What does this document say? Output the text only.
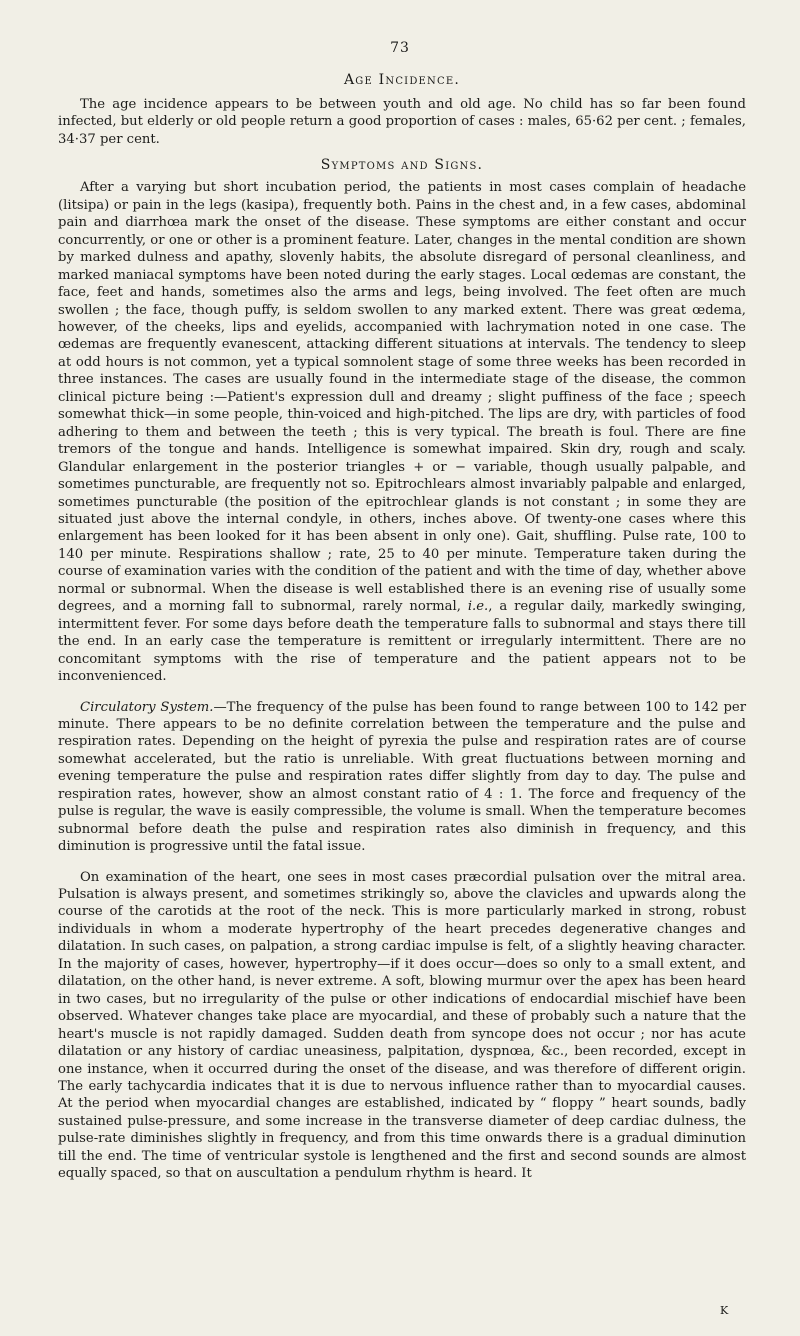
73
Age Incidence.

The age incidence appears to be between youth and old age. No child has so far been found infected, but elderly or old people return a good proportion of cases : males, 65·62 per cent. ; females, 34·37 per cent.

Symptoms and Signs.

After a varying but short incubation period, the patients in most cases complain of headache (litsipa) or pain in the legs (kasipa), frequently both. Pains in the chest and, in a few cases, abdominal pain and diarrhœa mark the onset of the disease. These symptoms are either constant and occur concurrently, or one or other is a prominent feature. Later, changes in the mental condition are shown by marked dulness and apathy, slovenly habits, the absolute disregard of personal cleanliness, and marked maniacal symptoms have been noted during the early stages. Local œdemas are constant, the face, feet and hands, sometimes also the arms and legs, being involved. The feet often are much swollen ; the face, though puffy, is seldom swollen to any marked extent. There was great œdema, however, of the cheeks, lips and eyelids, accompanied with lachrymation noted in one case. The œdemas are frequently evanescent, attacking different situations at intervals. The tendency to sleep at odd hours is not common, yet a typical somnolent stage of some three weeks has been recorded in three instances. The cases are usually found in the intermediate stage of the disease, the common clinical picture being :—Patient's expression dull and dreamy ; slight puffiness of the face ; speech somewhat thick—in some people, thin-voiced and high-pitched. The lips are dry, with particles of food adhering to them and between the teeth ; this is very typical. The breath is foul. There are fine tremors of the tongue and hands. Intelligence is somewhat impaired. Skin dry, rough and scaly. Glandular enlargement in the posterior triangles + or − variable, though usually palpable, and sometimes puncturable, are frequently not so. Epitrochlears almost invariably palpable and enlarged, sometimes puncturable (the position of the epitrochlear glands is not constant ; in some they are situated just above the internal condyle, in others, inches above. Of twenty-one cases where this enlargement has been looked for it has been absent in only one). Gait, shuffling. Pulse rate, 100 to 140 per minute. Respirations shallow ; rate, 25 to 40 per minute. Temperature taken during the course of examination varies with the condition of the patient and with the time of day, whether above normal or subnormal. When the disease is well established there is an evening rise of usually some degrees, and a morning fall to subnormal, rarely normal, i.e., a regular daily, markedly swinging, intermittent fever. For some days before death the temperature falls to subnormal and stays there till the end. In an early case the temperature is remittent or irregularly intermittent. There are no concomitant symptoms with the rise of temperature and the patient appears not to be inconvenienced.

Circulatory System.—The frequency of the pulse has been found to range between 100 to 142 per minute. There appears to be no definite correlation between the temperature and the pulse and respiration rates. Depending on the height of pyrexia the pulse and respiration rates are of course somewhat accelerated, but the ratio is unreliable. With great fluctuations between morning and evening temperature the pulse and respiration rates differ slightly from day to day. The pulse and respiration rates, however, show an almost constant ratio of 4 : 1. The force and frequency of the pulse is regular, the wave is easily compressible, the volume is small. When the temperature becomes subnormal before death the pulse and respiration rates also diminish in frequency, and this diminution is progressive until the fatal issue.

On examination of the heart, one sees in most cases præcordial pulsation over the mitral area. Pulsation is always present, and sometimes strikingly so, above the clavicles and upwards along the course of the carotids at the root of the neck. This is more particularly marked in strong, robust individuals in whom a moderate hypertrophy of the heart precedes degenerative changes and dilatation. In such cases, on palpation, a strong cardiac impulse is felt, of a slightly heaving character. In the majority of cases, however, hypertrophy—if it does occur—does so only to a small extent, and dilatation, on the other hand, is never extreme. A soft, blowing murmur over the apex has been heard in two cases, but no irregularity of the pulse or other indications of endocardial mischief have been observed. Whatever changes take place are myocardial, and these of probably such a nature that the heart's muscle is not rapidly damaged. Sudden death from syncope does not occur ; nor has acute dilatation or any history of cardiac uneasiness, palpitation, dyspnœa, &c., been recorded, except in one instance, when it occurred during the onset of the disease, and was therefore of different origin. The early tachycardia indicates that it is due to nervous influence rather than to myocardial causes. At the period when myocardial changes are established, indicated by “ floppy ” heart sounds, badly sustained pulse-pressure, and some increase in the transverse diameter of deep cardiac dulness, the pulse-rate diminishes slightly in frequency, and from this time onwards there is a gradual diminution till the end. The time of ventricular systole is lengthened and the first and second sounds are almost equally spaced, so that on auscultation a pendulum rhythm is heard. It

K
